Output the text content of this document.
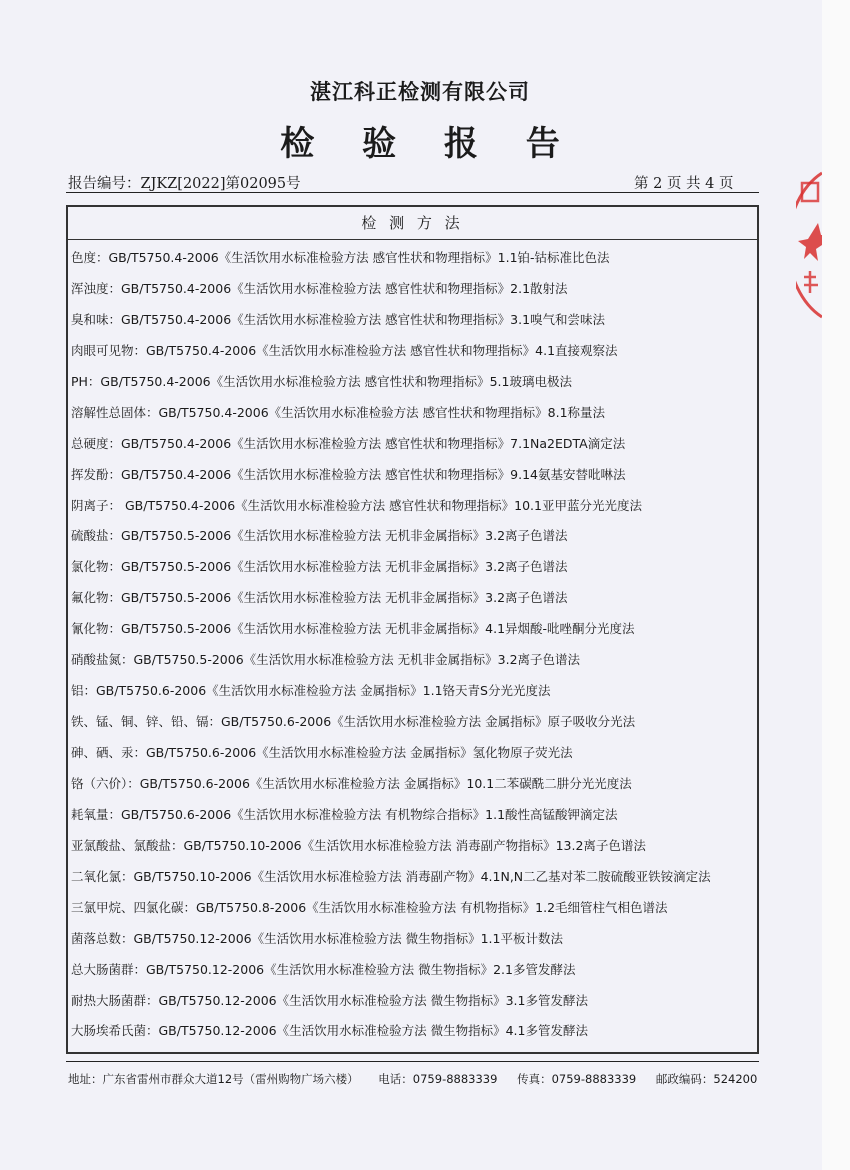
湛江科正检测有限公司
检 验 报 告
报告编号：ZJKZ[2022]第02095号	第 2 页 共 4 页
检 测 方 法
色度：GB/T5750.4-2006《生活饮用水标准检验方法 感官性状和物理指标》1.1铂-钴标准比色法
浑浊度：GB/T5750.4-2006《生活饮用水标准检验方法 感官性状和物理指标》2.1散射法
臭和味：GB/T5750.4-2006《生活饮用水标准检验方法 感官性状和物理指标》3.1嗅气和尝味法
肉眼可见物：GB/T5750.4-2006《生活饮用水标准检验方法 感官性状和物理指标》4.1直接观察法
PH：GB/T5750.4-2006《生活饮用水标准检验方法 感官性状和物理指标》5.1玻璃电极法
溶解性总固体：GB/T5750.4-2006《生活饮用水标准检验方法 感官性状和物理指标》8.1称量法
总硬度：GB/T5750.4-2006《生活饮用水标准检验方法 感官性状和物理指标》7.1Na2EDTA滴定法
挥发酚：GB/T5750.4-2006《生活饮用水标准检验方法 感官性状和物理指标》9.14氨基安替吡啉法
阴离子： GB/T5750.4-2006《生活饮用水标准检验方法 感官性状和物理指标》10.1亚甲蓝分光光度法
硫酸盐：GB/T5750.5-2006《生活饮用水标准检验方法 无机非金属指标》3.2离子色谱法
氯化物：GB/T5750.5-2006《生活饮用水标准检验方法 无机非金属指标》3.2离子色谱法
氟化物：GB/T5750.5-2006《生活饮用水标准检验方法 无机非金属指标》3.2离子色谱法
氰化物：GB/T5750.5-2006《生活饮用水标准检验方法 无机非金属指标》4.1异烟酸-吡唑酮分光度法
硝酸盐氮：GB/T5750.5-2006《生活饮用水标准检验方法 无机非金属指标》3.2离子色谱法
铝：GB/T5750.6-2006《生活饮用水标准检验方法 金属指标》1.1铬天青S分光光度法
铁、锰、铜、锌、铅、镉：GB/T5750.6-2006《生活饮用水标准检验方法 金属指标》原子吸收分光法
砷、硒、汞：GB/T5750.6-2006《生活饮用水标准检验方法 金属指标》氢化物原子荧光法
铬（六价）：GB/T5750.6-2006《生活饮用水标准检验方法 金属指标》10.1二苯碳酰二肼分光光度法
耗氧量：GB/T5750.6-2006《生活饮用水标准检验方法 有机物综合指标》1.1酸性高锰酸钾滴定法
亚氯酸盐、氯酸盐：GB/T5750.10-2006《生活饮用水标准检验方法 消毒副产物指标》13.2离子色谱法
二氧化氯：GB/T5750.10-2006《生活饮用水标准检验方法 消毒副产物》4.1N,N二乙基对苯二胺硫酸亚铁铵滴定法
三氯甲烷、四氯化碳：GB/T5750.8-2006《生活饮用水标准检验方法 有机物指标》1.2毛细管柱气相色谱法
菌落总数：GB/T5750.12-2006《生活饮用水标准检验方法 微生物指标》1.1平板计数法
总大肠菌群：GB/T5750.12-2006《生活饮用水标准检验方法 微生物指标》2.1多管发酵法
耐热大肠菌群：GB/T5750.12-2006《生活饮用水标准检验方法 微生物指标》3.1多管发酵法
大肠埃希氏菌：GB/T5750.12-2006《生活饮用水标准检验方法 微生物指标》4.1多管发酵法
地址：广东省雷州市群众大道12号（雷州购物广场六楼） 电话：0759-8883339 传真：0759-8883339 邮政编码：524200
